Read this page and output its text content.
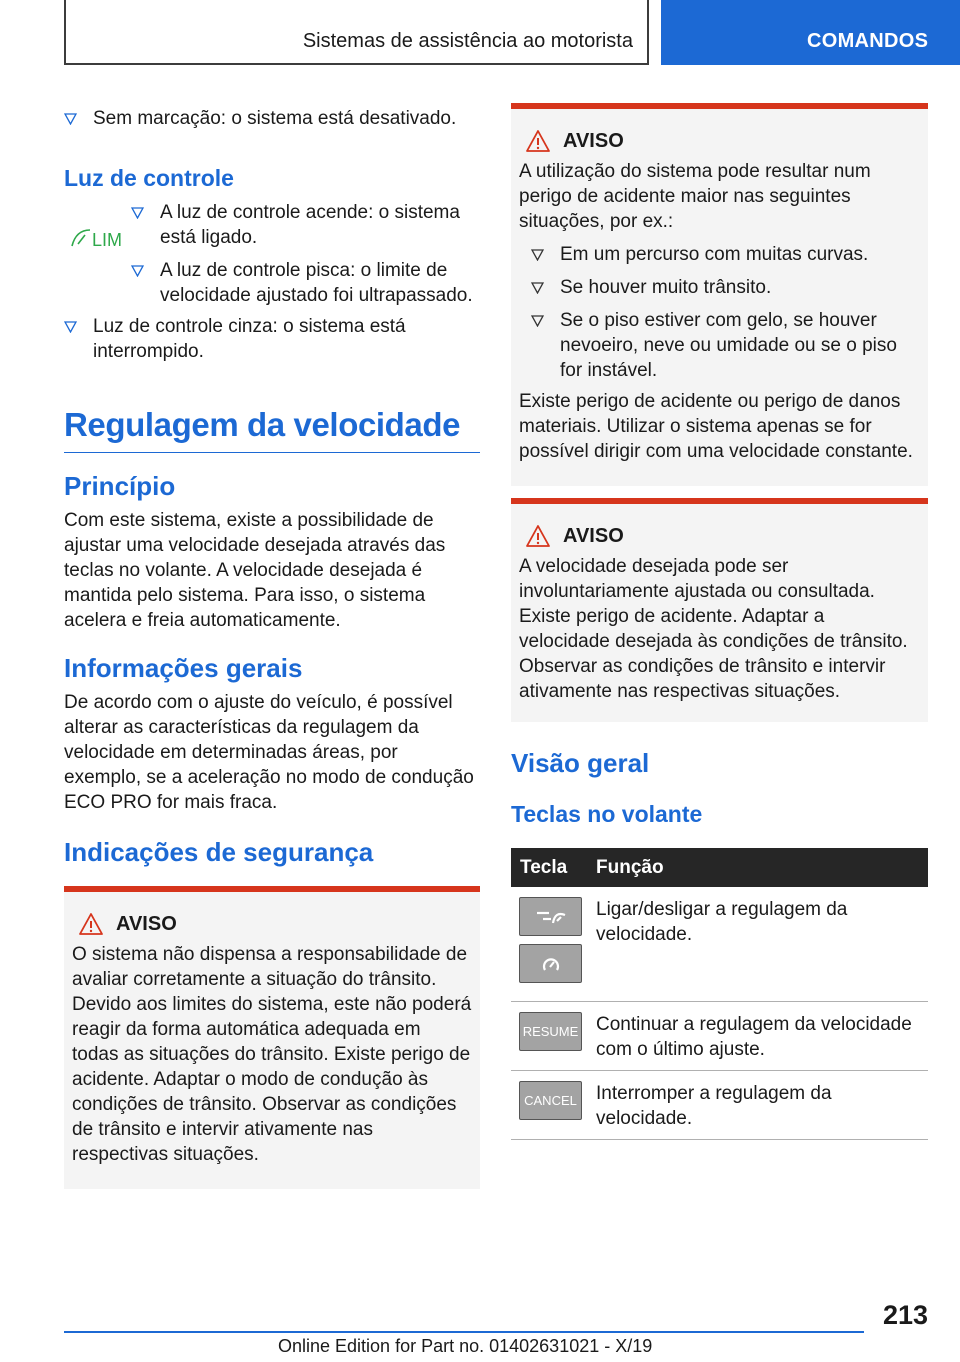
Sistemas de assistência ao motorista	COMANDOS
Sem marcação: o sistema está desativado.
Luz de controle
LIM
A luz de controle acende: o sistema está ligado.
A luz de controle pisca: o limite de velocidade ajustado foi ultrapassado.
Luz de controle cinza: o sistema está interrompido.
Regulagem da velocidade
Princípio
Com este sistema, existe a possibilidade de ajustar uma velocidade desejada através das teclas no volante. A velocidade desejada é mantida pelo sistema. Para isso, o sistema acelera e freia automaticamente.
Informações gerais
De acordo com o ajuste do veículo, é possível alterar as características da regulagem da velocidade em determinadas áreas, por exemplo, se a aceleração no modo de condução ECO PRO for mais fraca.
Indicações de segurança
AVISO
O sistema não dispensa a responsabilidade de avaliar corretamente a situação do trânsito. Devido aos limites do sistema, este não poderá reagir da forma automática adequada em todas as situações do trânsito. Existe perigo de acidente. Adaptar o modo de condução às condições de trânsito. Observar as condições de trânsito e intervir ativamente nas respectivas situações.
AVISO
A utilização do sistema pode resultar num perigo de acidente maior nas seguintes situações, por ex.:
Em um percurso com muitas curvas.
Se houver muito trânsito.
Se o piso estiver com gelo, se houver nevoeiro, neve ou umidade ou se o piso for instável.
Existe perigo de acidente ou perigo de danos materiais. Utilizar o sistema apenas se for possível dirigir com uma velocidade constante.
AVISO
A velocidade desejada pode ser involuntariamente ajustada ou consultada. Existe perigo de acidente. Adaptar a velocidade desejada às condições de trânsito. Observar as condições de trânsito e intervir ativamente nas respectivas situações.
Visão geral
Teclas no volante
Tecla	Função
Ligar/desligar a regulagem da velocidade.
RESUME Continuar a regulagem da velocidade com o último ajuste.
CANCEL Interromper a regulagem da velocidade.
213
Online Edition for Part no. 01402631021 - X/19
